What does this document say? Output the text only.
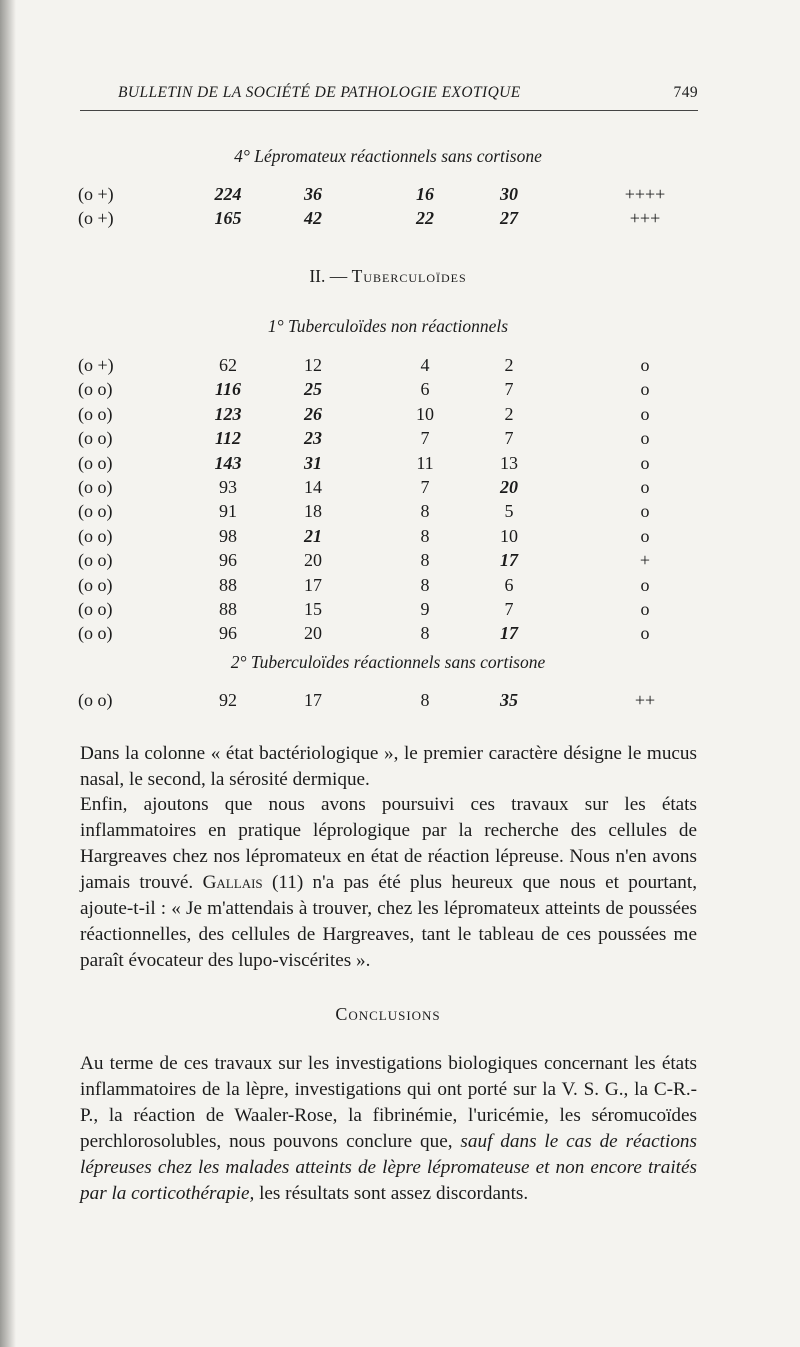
BULLETIN DE LA SOCIÉTÉ DE PATHOLOGIE EXOTIQUE	749
4° Lépromateux réactionnels sans cortisone
(o +)	224	36	16	30	++++
(o +)	165	42	22	27	+++
II. — Tuberculoïdes
1° Tuberculoïdes non réactionnels
(o +)	62	12	4	2	o
(o o)	116	25	6	7	o
(o o)	123	26	10	2	o
(o o)	112	23	7	7	o
(o o)	143	31	11	13	o
(o o)	93	14	7	20	o
(o o)	91	18	8	5	o
(o o)	98	21	8	10	o
(o o)	96	20	8	17	+
(o o)	88	17	8	6	o
(o o)	88	15	9	7	o
(o o)	96	20	8	17	o
2° Tuberculoïdes réactionnels sans cortisone
(o o)	92	17	8	35	++
Dans la colonne « état bactériologique », le premier caractère désigne le mucus nasal, le second, la sérosité dermique.
Enfin, ajoutons que nous avons poursuivi ces travaux sur les états inflammatoires en pratique léprologique par la recherche des cellules de Hargreaves chez nos lépromateux en état de réaction lépreuse. Nous n'en avons jamais trouvé. Gallais (11) n'a pas été plus heureux que nous et pourtant, ajoute-t-il : « Je m'attendais à trouver, chez les lépromateux atteints de poussées réactionnelles, des cellules de Hargreaves, tant le tableau de ces poussées me paraît évocateur des lupo-viscérites ».
Conclusions
Au terme de ces travaux sur les investigations biologiques concernant les états inflammatoires de la lèpre, investigations qui ont porté sur la V. S. G., la C-R.-P., la réaction de Waaler-Rose, la fibrinémie, l'uricémie, les séromucoïdes perchlorosolubles, nous pouvons conclure que, sauf dans le cas de réactions lépreuses chez les malades atteints de lèpre lépromateuse et non encore traités par la corticothérapie, les résultats sont assez discordants.
